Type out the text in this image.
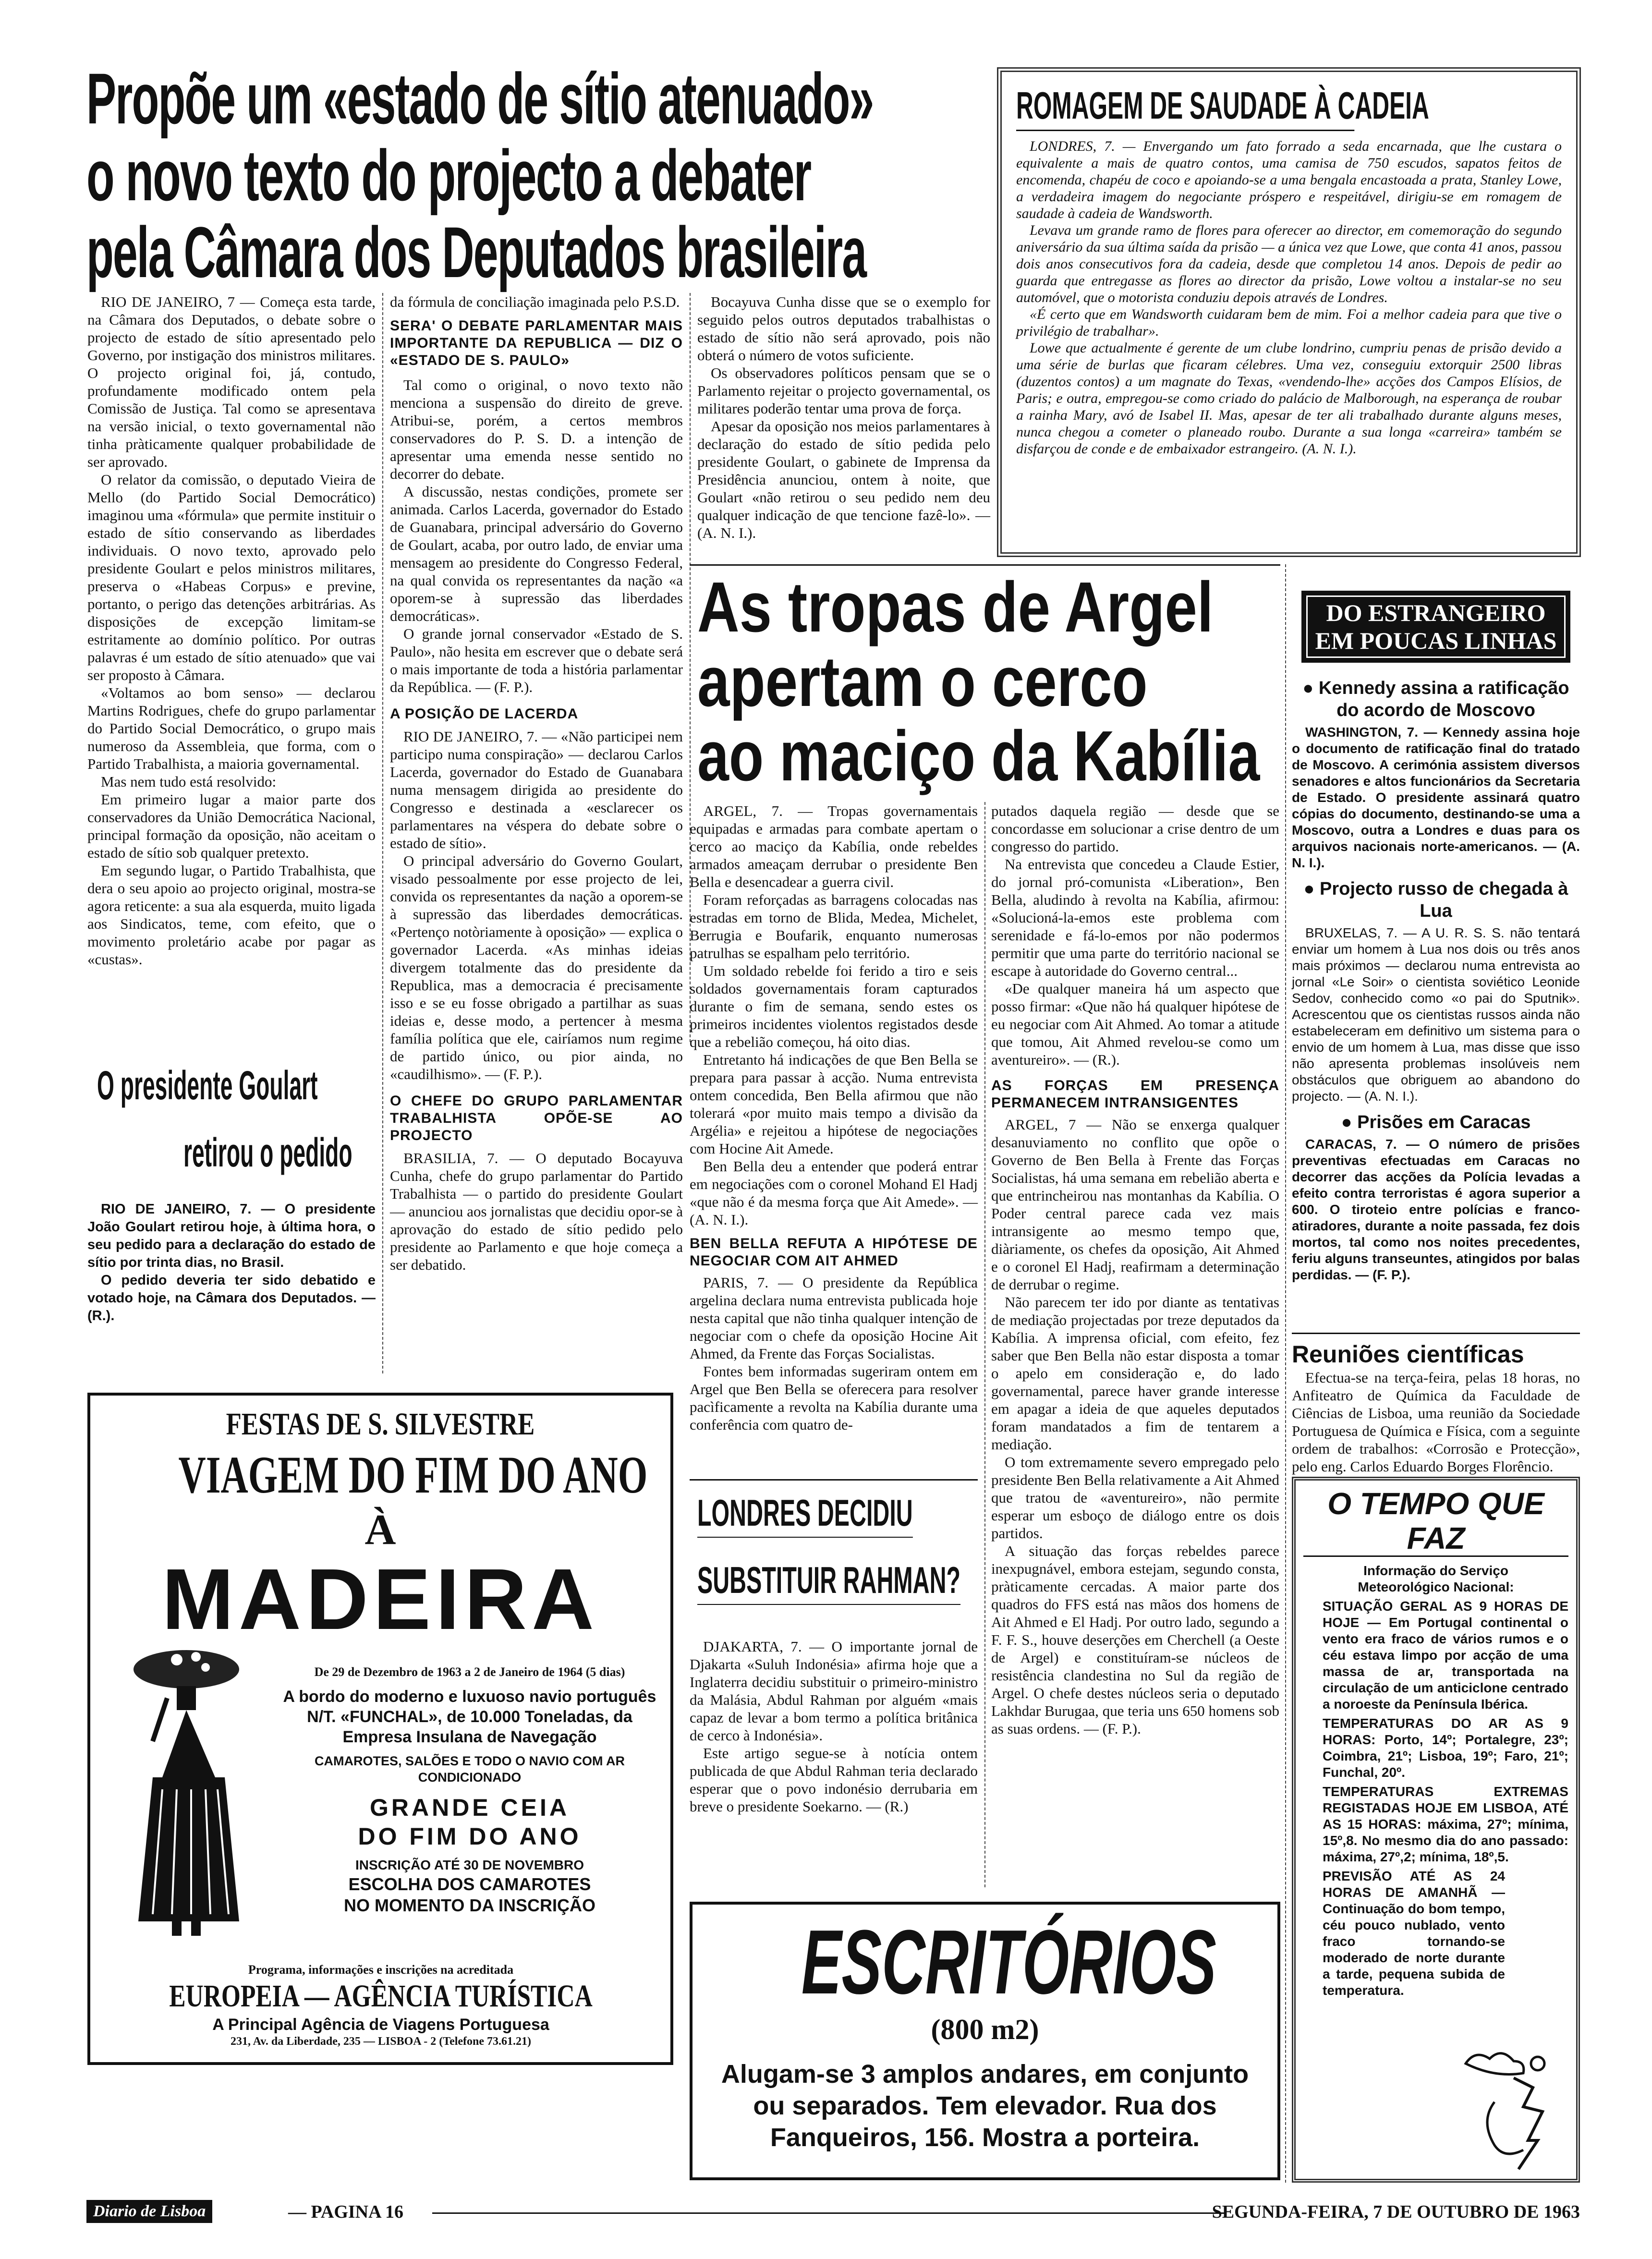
Propõe um «estado de sítio atenuado»
o novo texto do projecto a debater
pela Câmara dos Deputados brasileira

RIO DE JANEIRO, 7 — Começa esta tarde, na Câmara dos Deputados, o debate sobre o projecto de estado de sítio apresentado pelo Governo, por instigação dos ministros militares. O projecto original foi, já, contudo, profundamente modificado ontem pela Comissão de Justiça. Tal como se apresentava na versão inicial, o texto governamental não tinha pràticamente qualquer probabilidade de ser aprovado.

O relator da comissão, o deputado Vieira de Mello (do Partido Social Democrático) imaginou uma «fórmula» que permite instituir o estado de sítio conservando as liberdades individuais. O novo texto, aprovado pelo presidente Goulart e pelos ministros militares, preserva o «Habeas Corpus» e previne, portanto, o perigo das detenções arbitrárias. As disposições de excepção limitam-se estritamente ao domínio político. Por outras palavras é um estado de sítio atenuado» que vai ser proposto à Câmara.

«Voltamos ao bom senso» — declarou Martins Rodrigues, chefe do grupo parlamentar do Partido Social Democrático, o grupo mais numeroso da Assembleia, que forma, com o Partido Trabalhista, a maioria governamental.

Mas nem tudo está resolvido:

Em primeiro lugar a maior parte dos conservadores da União Democrática Nacional, principal formação da oposição, não aceitam o estado de sítio sob qualquer pretexto.

Em segundo lugar, o Partido Trabalhista, que dera o seu apoio ao projecto original, mostra-se agora reticente: a sua ala esquerda, muito ligada aos Sindicatos, teme, com efeito, que o movimento proletário acabe por pagar as «custas».

da fórmula de conciliação imaginada pelo P.S.D.

SERA' O DEBATE PARLAMENTAR MAIS IMPORTANTE DA REPUBLICA — DIZ O «ESTADO DE S. PAULO»

Tal como o original, o novo texto não menciona a suspensão do direito de greve. Atribui-se, porém, a certos membros conservadores do P. S. D. a intenção de apresentar uma emenda nesse sentido no decorrer do debate.

A discussão, nestas condições, promete ser animada. Carlos Lacerda, governador do Estado de Guanabara, principal adversário do Governo de Goulart, acaba, por outro lado, de enviar uma mensagem ao presidente do Congresso Federal, na qual convida os representantes da nação «a oporem-se à supressão das liberdades democráticas».

O grande jornal conservador «Estado de S. Paulo», não hesita em escrever que o debate será o mais importante de toda a história parlamentar da República. — (F. P.).

A POSIÇÃO DE LACERDA

RIO DE JANEIRO, 7. — «Não participei nem participo numa conspiração» — declarou Carlos Lacerda, governador do Estado de Guanabara numa mensagem dirigida ao presidente do Congresso e destinada a «esclarecer os parlamentares na véspera do debate sobre o estado de sítio».

O principal adversário do Governo Goulart, visado pessoalmente por esse projecto de lei, convida os representantes da nação a oporem-se à supressão das liberdades democráticas. «Pertenço notòriamente à oposição» — explica o governador Lacerda. «As minhas ideias divergem totalmente das do presidente da Republica, mas a democracia é precisamente isso e se eu fosse obrigado a partilhar as suas ideias e, desse modo, a pertencer à mesma família política que ele, cairíamos num regime de partido único, ou pior ainda, no «caudilhismo». — (F. P.).

O CHEFE DO GRUPO PARLAMENTAR TRABALHISTA OPÕE-SE AO PROJECTO

BRASILIA, 7. — O deputado Bocayuva Cunha, chefe do grupo parlamentar do Partido Trabalhista — o partido do presidente Goulart — anunciou aos jornalistas que decidiu opor-se à aprovação do estado de sítio pedido pelo presidente ao Parlamento e que hoje começa a ser debatido.

Bocayuva Cunha disse que se o exemplo for seguido pelos outros deputados trabalhistas o estado de sítio não será aprovado, pois não obterá o número de votos suficiente.

Os observadores políticos pensam que se o Parlamento rejeitar o projecto governamental, os militares poderão tentar uma prova de força.

Apesar da oposição nos meios parlamentares à declaração do estado de sítio pedida pelo presidente Goulart, o gabinete de Imprensa da Presidência anunciou, ontem à noite, que Goulart «não retirou o seu pedido nem deu qualquer indicação de que tencione fazê-lo». — (A. N. I.).

O presidente Goulart
retirou o pedido

RIO DE JANEIRO, 7. — O presidente João Goulart retirou hoje, à última hora, o seu pedido para a declaração do estado de sítio por trinta dias, no Brasil.

O pedido deveria ter sido debatido e votado hoje, na Câmara dos Deputados. — (R.).

ROMAGEM DE SAUDADE À CADEIA

LONDRES, 7. — Envergando um fato forrado a seda encarnada, que lhe custara o equivalente a mais de quatro contos, uma camisa de 750 escudos, sapatos feitos de encomenda, chapéu de coco e apoiando-se a uma bengala encastoada a prata, Stanley Lowe, a verdadeira imagem do negociante próspero e respeitável, dirigiu-se em romagem de saudade à cadeia de Wandsworth.

Levava um grande ramo de flores para oferecer ao director, em comemoração do segundo aniversário da sua última saída da prisão — a única vez que Lowe, que conta 41 anos, passou dois anos consecutivos fora da cadeia, desde que completou 14 anos. Depois de pedir ao guarda que entregasse as flores ao director da prisão, Lowe voltou a instalar-se no seu automóvel, que o motorista conduziu depois através de Londres.

«É certo que em Wandsworth cuidaram bem de mim. Foi a melhor cadeia para que tive o privilégio de trabalhar».

Lowe que actualmente é gerente de um clube londrino, cumpriu penas de prisão devido a uma série de burlas que ficaram célebres. Uma vez, conseguiu extorquir 2500 libras (duzentos contos) a um magnate do Texas, «vendendo-lhe» acções dos Campos Elísios, de Paris; e outra, empregou-se como criado do palácio de Malborough, na esperança de roubar a rainha Mary, avó de Isabel II. Mas, apesar de ter ali trabalhado durante alguns meses, nunca chegou a cometer o planeado roubo. Durante a sua longa «carreira» também se disfarçou de conde e de embaixador estrangeiro. (A. N. I.).

As tropas de Argel
apertam o cerco
ao maciço da Kabília

ARGEL, 7. — Tropas governamentais equipadas e armadas para combate apertam o cerco ao maciço da Kabília, onde rebeldes armados ameaçam derrubar o presidente Ben Bella e desencadear a guerra civil.

Foram reforçadas as barragens colocadas nas estradas em torno de Blida, Medea, Michelet, Berrugia e Boufarik, enquanto numerosas patrulhas se espalham pelo território.

Um soldado rebelde foi ferido a tiro e seis soldados governamentais foram capturados durante o fim de semana, sendo estes os primeiros incidentes violentos registados desde que a rebelião começou, há oito dias.

Entretanto há indicações de que Ben Bella se prepara para passar à acção. Numa entrevista ontem concedida, Ben Bella afirmou que não tolerará «por muito mais tempo a divisão da Argélia» e rejeitou a hipótese de negociações com Hocine Ait Amede.

Ben Bella deu a entender que poderá entrar em negociações com o coronel Mohand El Hadj «que não é da mesma força que Ait Amede». — (A. N. I.).

BEN BELLA REFUTA A HIPÓTESE DE NEGOCIAR COM AIT AHMED

PARIS, 7. — O presidente da República argelina declara numa entrevista publicada hoje nesta capital que não tinha qualquer intenção de negociar com o chefe da oposição Hocine Ait Ahmed, da Frente das Forças Socialistas.

Fontes bem informadas sugeriram ontem em Argel que Ben Bella se oferecera para resolver pacìficamente a revolta na Kabília durante uma conferência com quatro de-

putados daquela região — desde que se concordasse em solucionar a crise dentro de um congresso do partido.

Na entrevista que concedeu a Claude Estier, do jornal pró-comunista «Liberation», Ben Bella, aludindo à revolta na Kabília, afirmou: «Solucioná-la-emos este problema com serenidade e fá-lo-emos por não podermos permitir que uma parte do território nacional se escape à autoridade do Governo central...

«De qualquer maneira há um aspecto que posso firmar: «Que não há qualquer hipótese de eu negociar com Ait Ahmed. Ao tomar a atitude que tomou, Ait Ahmed revelou-se como um aventureiro». — (R.).

AS FORÇAS EM PRESENÇA PERMANECEM INTRANSIGENTES

ARGEL, 7 — Não se enxerga qualquer desanuviamento no conflito que opõe o Governo de Ben Bella à Frente das Forças Socialistas, há uma semana em rebelião aberta e que entrincheirou nas montanhas da Kabília. O Poder central parece cada vez mais intransigente ao mesmo tempo que, diàriamente, os chefes da oposição, Ait Ahmed e o coronel El Hadj, reafirmam a determinação de derrubar o regime.

Não parecem ter ido por diante as tentativas de mediação projectadas por treze deputados da Kabília. A imprensa oficial, com efeito, fez saber que Ben Bella não estar disposta a tomar o apelo em consideração e, do lado governamental, parece haver grande interesse em apagar a ideia de que aqueles deputados foram mandatados a fim de tentarem a mediação.

O tom extremamente severo empregado pelo presidente Ben Bella relativamente a Ait Ahmed que tratou de «aventureiro», não permite esperar um esboço de diálogo entre os dois partidos.

A situação das forças rebeldes parece inexpugnável, embora estejam, segundo consta, pràticamente cercadas. A maior parte dos quadros do FFS está nas mãos dos homens de Ait Ahmed e El Hadj. Por outro lado, segundo a F. F. S., houve deserções em Cherchell (a Oeste de Argel) e constituíram-se núcleos de resistência clandestina no Sul da região de Argel. O chefe destes núcleos seria o deputado Lakhdar Burugaa, que teria uns 650 homens sob as suas ordens. — (F. P.).

LONDRES DECIDIU
SUBSTITUIR RAHMAN?

DJAKARTA, 7. — O importante jornal de Djakarta «Suluh Indonésia» afirma hoje que a Inglaterra decidiu substituir o primeiro-ministro da Malásia, Abdul Rahman por alguém «mais capaz de levar a bom termo a política britânica de cerco à Indonésia».

Este artigo segue-se à notícia ontem publicada de que Abdul Rahman teria declarado esperar que o povo indonésio derrubaria em breve o presidente Soekarno. — (R.)

DO ESTRANGEIRO
EM POUCAS LINHAS
● Kennedy assina a ratificação do acordo de Moscovo
WASHINGTON, 7. — Kennedy assina hoje o documento de ratificação final do tratado de Moscovo. A cerimónia assistem diversos senadores e altos funcionários da Secretaria de Estado. O presidente assinará quatro cópias do documento, destinando-se uma a Moscovo, outra a Londres e duas para os arquivos nacionais norte-americanos. — (A. N. I.).
● Projecto russo de chegada à Lua
BRUXELAS, 7. — A U. R. S. S. não tentará enviar um homem à Lua nos dois ou três anos mais próximos — declarou numa entrevista ao jornal «Le Soir» o cientista soviético Leonide Sedov, conhecido como «o pai do Sputnik». Acrescentou que os cientistas russos ainda não estabeleceram em definitivo um sistema para o envio de um homem à Lua, mas disse que isso não apresenta problemas insolúveis nem obstáculos que obriguem ao abandono do projecto. — (A. N. I.).
● Prisões em Caracas
CARACAS, 7. — O número de prisões preventivas efectuadas em Caracas no decorrer das acções da Polícia levadas a efeito contra terroristas é agora superior a 600. O tiroteio entre polícias e franco-atiradores, durante a noite passada, fez dois mortos, tal como nos noites precedentes, feriu alguns transeuntes, atingidos por balas perdidas. — (F. P.).
Reuniões científicas
Efectua-se na terça-feira, pelas 18 horas, no Anfiteatro de Química da Faculdade de Ciências de Lisboa, uma reunião da Sociedade Portuguesa de Química e Física, com a seguinte ordem de trabalhos: «Corrosão e Protecção», pelo eng. Carlos Eduardo Borges Florêncio.
O TEMPO QUE FAZ
Informação do Serviço Meteorológico Nacional:
SITUAÇÃO GERAL AS 9 HORAS DE HOJE — Em Portugal continental o vento era fraco de vários rumos e o céu estava limpo por acção de uma massa de ar, transportada na circulação de um anticiclone centrado a noroeste da Península Ibérica.
TEMPERATURAS DO AR AS 9 HORAS: Porto, 14º; Portalegre, 23º; Coimbra, 21º; Lisboa, 19º; Faro, 21º; Funchal, 20º.
TEMPERATURAS EXTREMAS REGISTADAS HOJE EM LISBOA, ATÉ AS 15 HORAS: máxima, 27º; mínima, 15º,8. No mesmo dia do ano passado: máxima, 27º,2; mínima, 18º,5.
PREVISÃO ATÉ AS 24 HORAS DE AMANHÃ — Continuação do bom tempo, céu pouco nublado, vento fraco tornando-se moderado de norte durante a tarde, pequena subida de temperatura.
FESTAS DE S. SILVESTRE
VIAGEM DO FIM DO ANO
À
MADEIRA
De 29 de Dezembro de 1963 a 2 de Janeiro de 1964 (5 dias)
A bordo do moderno e luxuoso navio português N/T. «FUNCHAL», de 10.000 Toneladas, da Empresa Insulana de Navegação
CAMAROTES, SALÕES E TODO O NAVIO COM AR CONDICIONADO
GRANDE CEIA
DO FIM DO ANO
INSCRIÇÃO ATÉ 30 DE NOVEMBRO
ESCOLHA DOS CAMAROTES
NO MOMENTO DA INSCRIÇÃO
Programa, informações e inscrições na acreditada
EUROPEIA — AGÊNCIA TURÍSTICA
A Principal Agência de Viagens Portuguesa
231, Av. da Liberdade, 235 — LISBOA - 2 (Telefone 73.61.21)
ESCRITÓRIOS
(800 m2)
Alugam-se 3 amplos andares, em conjunto ou separados. Tem elevador. Rua dos Fanqueiros, 156. Mostra a porteira.
Diario de Lisboa	— PAGINA 16	SEGUNDA-FEIRA, 7 DE OUTUBRO DE 1963
